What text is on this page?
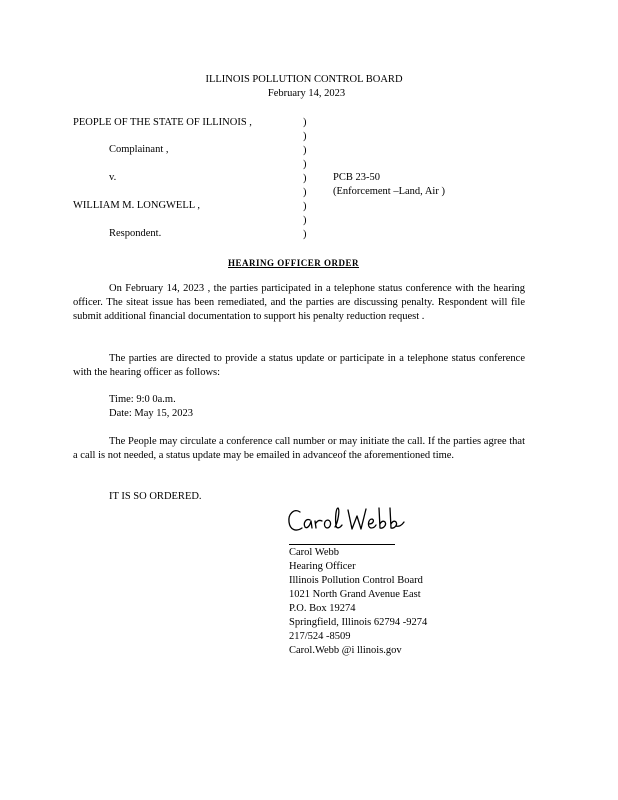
ILLINOIS POLLUTION CONTROL BOARD
February 14, 2023
PEOPLE OF THE STATE OF ILLINOIS ,
Complainant ,
v.
WILLIAM M. LONGWELL ,
Respondent.
)
)
)
)
)
)
)
)
)
PCB 23-50
(Enforcement –Land, Air )
HEARING OFFICER ORDER
On February 14, 2023 , the parties participated in a telephone status conference with the hearing officer. The siteat issue has been remediated, and the parties are discussing penalty. Respondent will file submit additional financial documentation to support his penalty reduction request .
The parties are directed to provide a status update or participate in a telephone status conference with the hearing officer as follows:
Time: 9:0 0a.m.
Date: May 15, 2023
The People may circulate a conference call number or may initiate the call. If the parties agree that a call is not needed, a status update may be emailed in advanceof the aforementioned time.
IT IS SO ORDERED.
Carol Webb
Hearing Officer
Illinois Pollution Control Board
1021 North Grand Avenue East
P.O. Box 19274
Springfield, Illinois 62794 -9274
217/524 -8509
Carol.Webb @i llinois.gov
